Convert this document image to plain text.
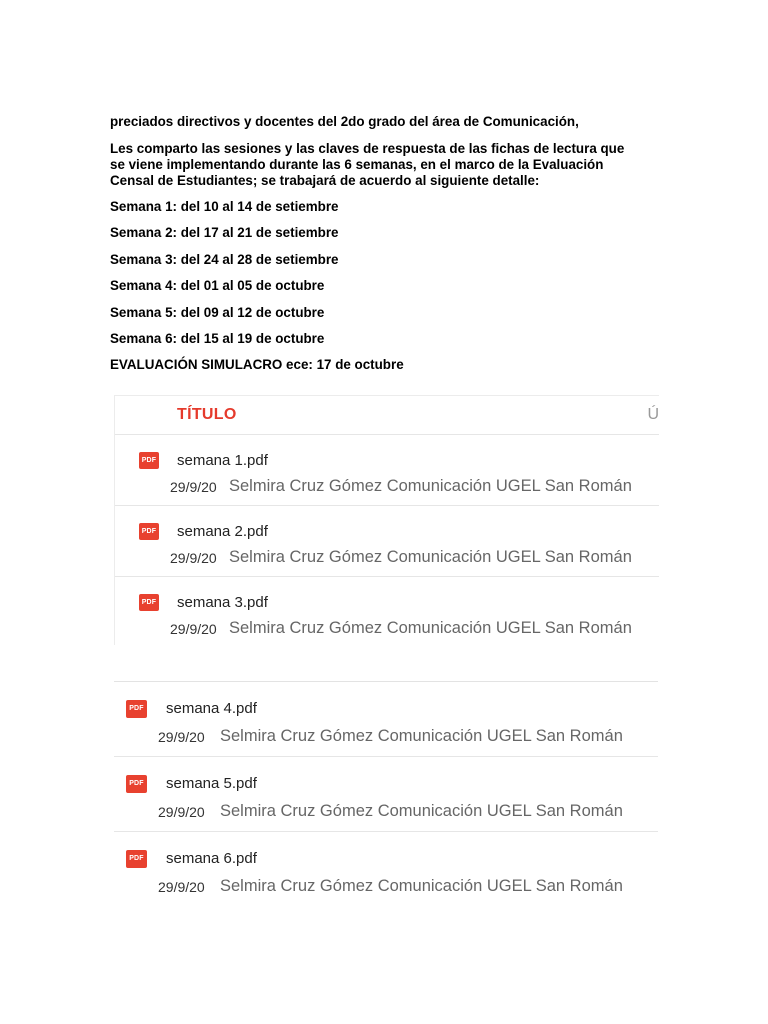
preciados directivos y docentes del 2do grado del área de Comunicación,

Les comparto las sesiones y las claves de respuesta de las fichas de lectura que
se viene implementando durante las 6 semanas, en el marco de la Evaluación
Censal de Estudiantes; se trabajará de acuerdo al siguiente detalle:

Semana 1: del 10 al 14 de setiembre

Semana 2: del 17 al 21 de setiembre

Semana 3: del 24 al 28 de setiembre

Semana 4: del 01 al 05 de octubre

Semana 5: del 09 al 12 de octubre

Semana 6: del 15 al 19 de octubre

EVALUACIÓN SIMULACRO ece: 17 de octubre

TÍTULO	Ú
PDF semana 1.pdf
29/9/20 Selmira Cruz Gómez Comunicación UGEL San Román
PDF semana 2.pdf
29/9/20 Selmira Cruz Gómez Comunicación UGEL San Román
PDF semana 3.pdf
29/9/20 Selmira Cruz Gómez Comunicación UGEL San Román
PDF semana 4.pdf
29/9/20 Selmira Cruz Gómez Comunicación UGEL San Román
PDF semana 5.pdf
29/9/20 Selmira Cruz Gómez Comunicación UGEL San Román
PDF semana 6.pdf
29/9/20 Selmira Cruz Gómez Comunicación UGEL San Román
